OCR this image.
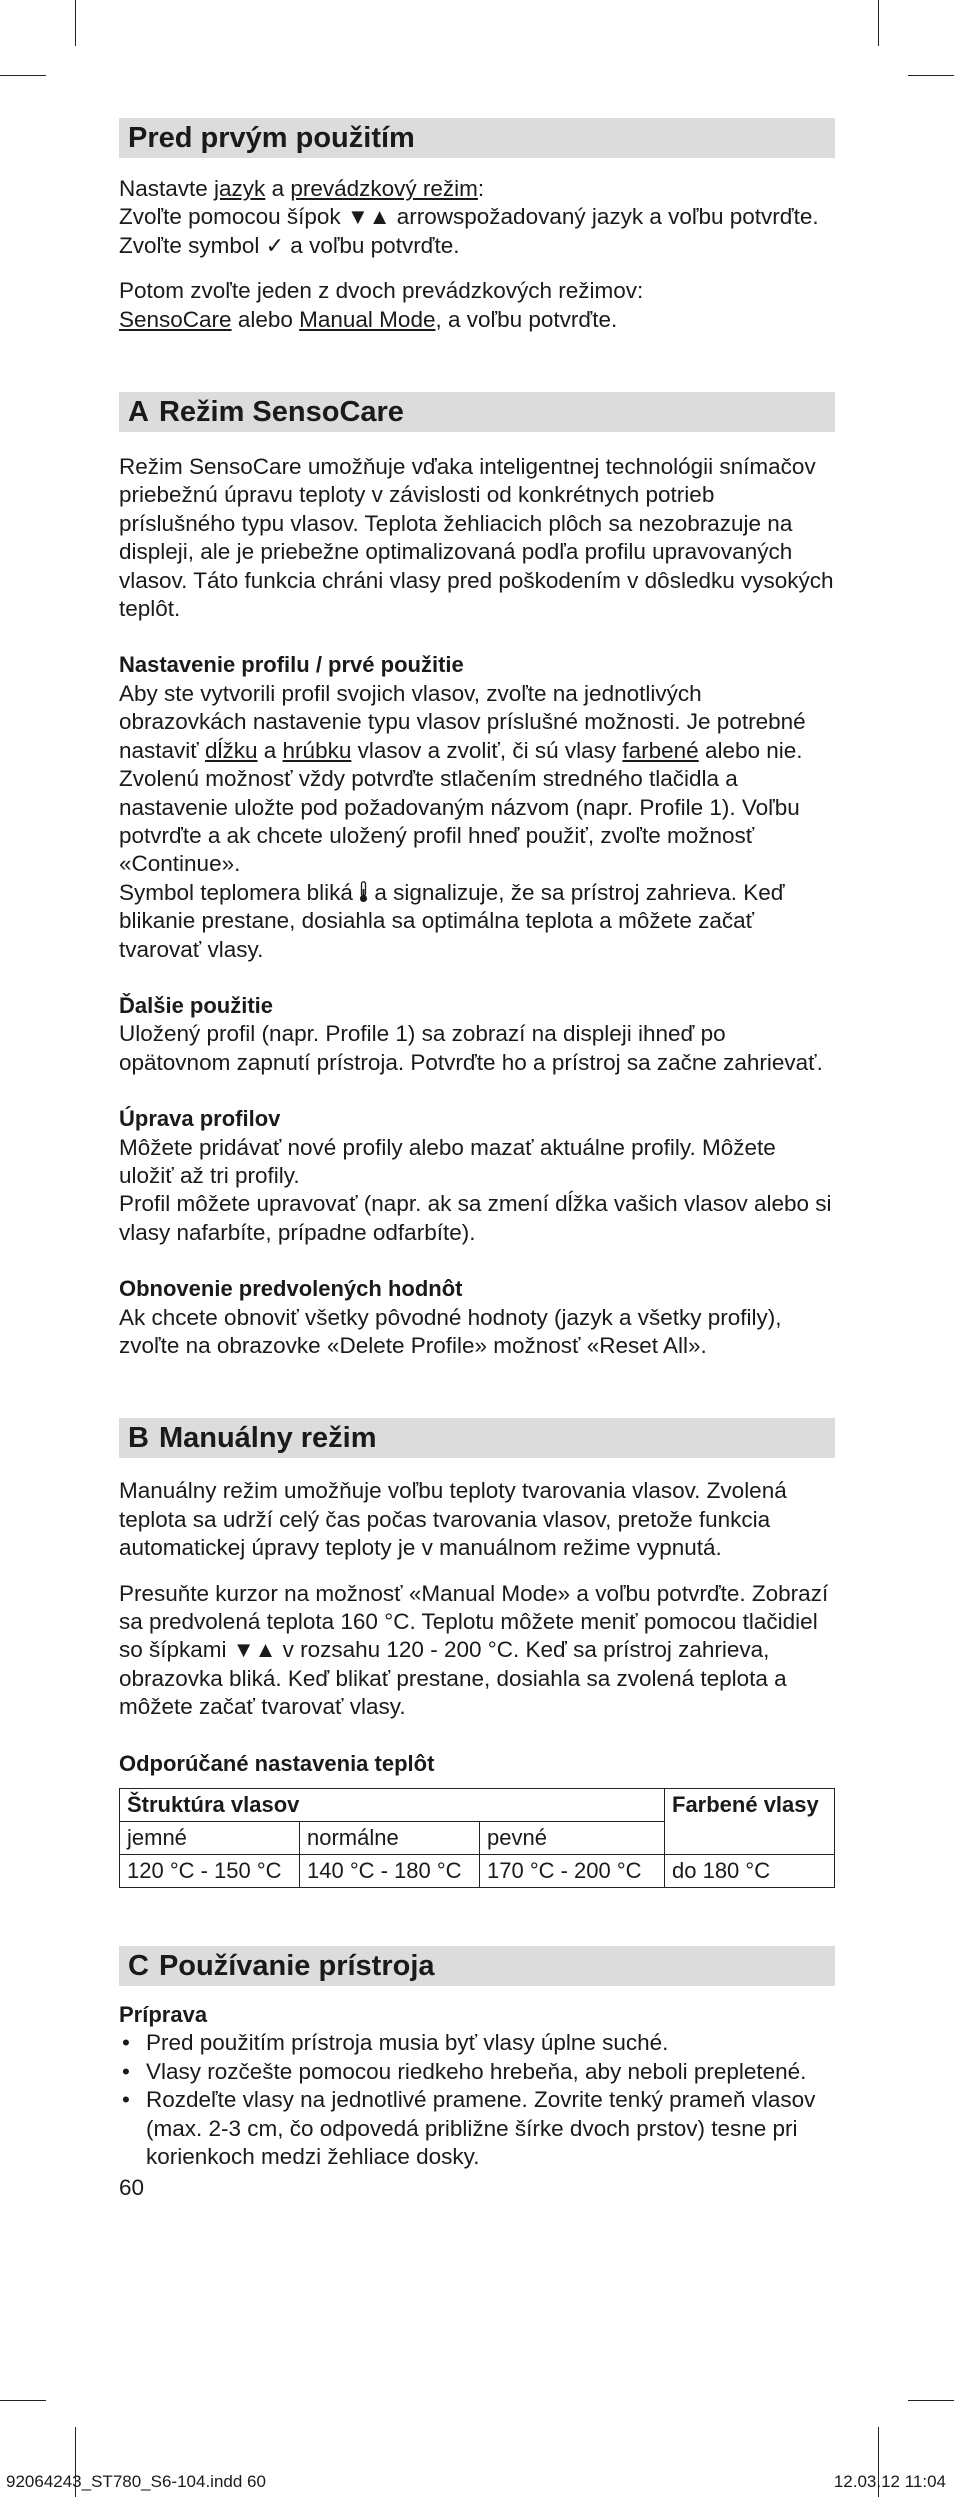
Pred prvým použitím

Nastavte jazyk a prevádzkový režim:
Zvoľte pomocou šípok ▼▲ arrowspožadovaný jazyk a voľbu potvrďte. Zvoľte symbol ✓ a voľbu potvrďte.

Potom zvoľte jeden z dvoch prevádzkových režimov:
SensoCare alebo Manual Mode, a voľbu potvrďte.

A Režim SensoCare

Režim SensoCare umožňuje vďaka inteligentnej technológii snímačov priebežnú úpravu teploty v závislosti od konkrétnych potrieb príslušného typu vlasov. Teplota žehliacich plôch sa nezobrazuje na displeji, ale je priebežne optimalizovaná podľa profilu upravovaných vlasov. Táto funkcia chráni vlasy pred poškodením v dôsledku vysokých teplôt.

Nastavenie profilu / prvé použitie

Aby ste vytvorili profil svojich vlasov, zvoľte na jednotlivých obrazovkách nastavenie typu vlasov príslušné možnosti. Je potrebné nastaviť dĺžku a hrúbku vlasov a zvoliť, či sú vlasy farbené alebo nie. Zvolenú možnosť vždy potvrďte stlačením stredného tlačidla a nastavenie uložte pod požadovaným názvom (napr. Profile 1). Voľbu potvrďte a ak chcete uložený profil hneď použiť, zvoľte možnosť «Continue».
Symbol teplomera bliká  a signalizuje, že sa prístroj zahrieva. Keď blikanie prestane, dosiahla sa optimálna teplota a môžete začať tvarovať vlasy.

Ďalšie použitie

Uložený profil (napr. Profile 1) sa zobrazí na displeji ihneď po opätovnom zapnutí prístroja. Potvrďte ho a prístroj sa začne zahrievať.

Úprava profilov

Môžete pridávať nové profily alebo mazať aktuálne profily. Môžete uložiť až tri profily.

Profil môžete upravovať (napr. ak sa zmení dĺžka vašich vlasov alebo si vlasy nafarbíte, prípadne odfarbíte).

Obnovenie predvolených hodnôt

Ak chcete obnoviť všetky pôvodné hodnoty (jazyk a všetky profily), zvoľte na obrazovke «Delete Profile» možnosť «Reset All».

B Manuálny režim

Manuálny režim umožňuje voľbu teploty tvarovania vlasov. Zvolená teplota sa udrží celý čas počas tvarovania vlasov, pretože funkcia automatickej úpravy teploty je v manuálnom režime vypnutá.

Presuňte kurzor na možnosť «Manual Mode» a voľbu potvrďte. Zobrazí sa predvolená teplota 160 °C. Teplotu môžete meniť pomocou tlačidiel so šípkami ▼▲ v rozsahu 120 - 200 °C. Keď sa prístroj zahrieva, obrazovka bliká. Keď blikať prestane, dosiahla sa zvolená teplota a môžete začať tvarovať vlasy.

Odporúčané nastavenia teplôt

Štruktúra vlasov			Farbené vlasy
jemné	normálne	pevné	
120 °C - 150 °C	140 °C - 180 °C	170 °C - 200 °C	do 180 °C
C Používanie prístroja

Príprava

• Pred použitím prístroja musia byť vlasy úplne suché.
• Vlasy rozčešte pomocou riedkeho hrebeňa, aby neboli prepletené.
• Rozdeľte vlasy na jednotlivé pramene. Zovrite tenký prameň vlasov (max. 2-3 cm, čo odpovedá približne šírke dvoch prstov) tesne pri korienkoch medzi žehliace dosky.

60

92064243_ST780_S6-104.indd 60	12.03.12 11:04
